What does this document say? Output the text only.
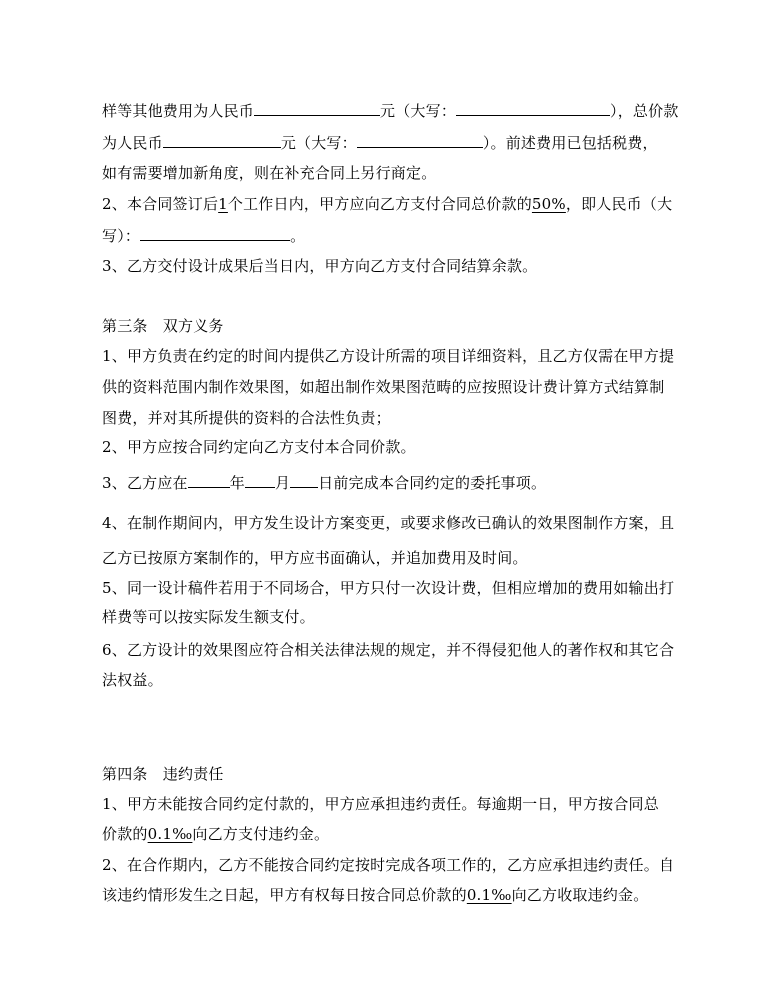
样等其他费用为人民币	元（大写：	），总价款
为人民币	元（大写：	）。前述费用已包括税费，
如有需要增加新角度，则在补充合同上另行商定。
2、本合同签订后1个工作日内，甲方应向乙方支付合同总价款的50%，即人民币（大
写）：	。
3、乙方交付设计成果后当日内，甲方向乙方支付合同结算余款。
第三条　双方义务
1、甲方负责在约定的时间内提供乙方设计所需的项目详细资料，且乙方仅需在甲方提
供的资料范围内制作效果图，如超出制作效果图范畴的应按照设计费计算方式结算制
图费，并对其所提供的资料的合法性负责；
2、甲方应按合同约定向乙方支付本合同价款。
3、乙方应在	年 月 日前完成本合同约定的委托事项。
4、在制作期间内，甲方发生设计方案变更，或要求修改已确认的效果图制作方案，且
乙方已按原方案制作的，甲方应书面确认，并追加费用及时间。
5、同一设计稿件若用于不同场合，甲方只付一次设计费，但相应增加的费用如输出打
样费等可以按实际发生额支付。
6、乙方设计的效果图应符合相关法律法规的规定，并不得侵犯他人的著作权和其它合
法权益。
第四条　违约责任
1、甲方未能按合同约定付款的，甲方应承担违约责任。每逾期一日，甲方按合同总
价款的0.1‰向乙方支付违约金。
2、在合作期内，乙方不能按合同约定按时完成各项工作的，乙方应承担违约责任。自
该违约情形发生之日起，甲方有权每日按合同总价款的0.1‰向乙方收取违约金。
